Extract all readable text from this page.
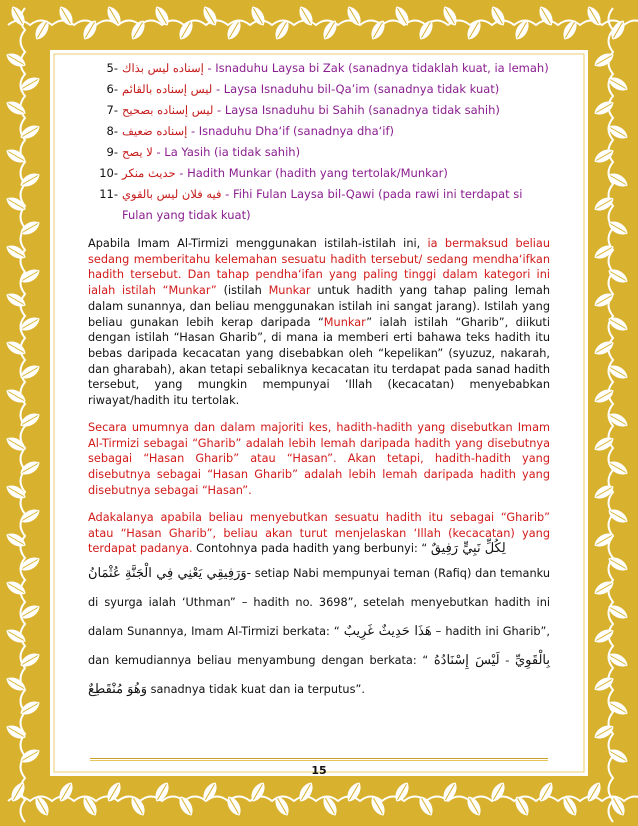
5- إسناده ليس بذاك - Isnaduhu Laysa bi Zak (sanadnya tidaklah kuat, ia lemah)
6- ليس إسناده بالقائم - Laysa Isnaduhu bil-Qa’im (sanadnya tidak kuat)
7- ليس إسناده بصحيح - Laysa Isnaduhu bi Sahih (sanadnya tidak sahih)
8- إسناده ضعيف - Isnaduhu Dha‘if (sanadnya dha‘if)
9- لا يصح - La Yasih (ia tidak sahih)
10- حديث منكر - Hadith Munkar (hadith yang tertolak/Munkar)
11- فيه فلان ليس بالقوي - Fihi Fulan Laysa bil-Qawi (pada rawi ini terdapat si Fulan yang tidak kuat)

Apabila Imam Al-Tirmizi menggunakan istilah-istilah ini, ia bermaksud beliau sedang memberitahu kelemahan sesuatu hadith tersebut/ sedang mendha‘ifkan hadith tersebut. Dan tahap pendha‘ifan yang paling tinggi dalam kategori ini ialah istilah “Munkar” (istilah Munkar untuk hadith yang tahap paling lemah dalam sunannya, dan beliau menggunakan istilah ini sangat jarang). Istilah yang beliau gunakan lebih kerap daripada “Munkar” ialah istilah “Gharib”, diikuti dengan istilah “Hasan Gharib”, di mana ia memberi erti bahawa teks hadith itu bebas daripada kecacatan yang disebabkan oleh “kepelikan” (syuzuz, nakarah, dan gharabah), akan tetapi sebaliknya kecacatan itu terdapat pada sanad hadith tersebut, yang mungkin mempunyai ‘Illah (kecacatan) menyebabkan riwayat/hadith itu tertolak.

Secara umumnya dan dalam majoriti kes, hadith-hadith yang disebutkan Imam Al-Tirmizi sebagai “Gharib” adalah lebih lemah daripada hadith yang disebutnya sebagai “Hasan Gharib” atau “Hasan”. Akan tetapi, hadith-hadith yang disebutnya sebagai “Hasan Gharib” adalah lebih lemah daripada hadith yang disebutnya sebagai “Hasan”.

Adakalanya apabila beliau menyebutkan sesuatu hadith itu sebagai “Gharib” atau “Hasan Gharib”, beliau akan turut menjelaskan ‘Illah (kecacatan) yang terdapat padanya. Contohnya pada hadith yang berbunyi: “ لِكُلِّ نَبِيٍّ رَفِيقٌ
-وَرَفِيقِي يَعْنِي فِي الْجَنَّةِ عُثْمَانُ setiap Nabi mempunyai teman (Rafiq) dan temanku di syurga ialah ‘Uthman” – hadith no. 3698”, setelah menyebutkan hadith ini dalam Sunannya, Imam Al-Tirmizi berkata: “ هَذَا حَدِيثٌ غَرِيبٌ – hadith ini Gharib”, dan kemudiannya beliau menyambung dengan berkata: “ لَيْسَ إِسْنَادُهُ - بِالْقَوِيِّ وَهُوَ مُنْقَطِعٌ sanadnya tidak kuat dan ia terputus”.

15
